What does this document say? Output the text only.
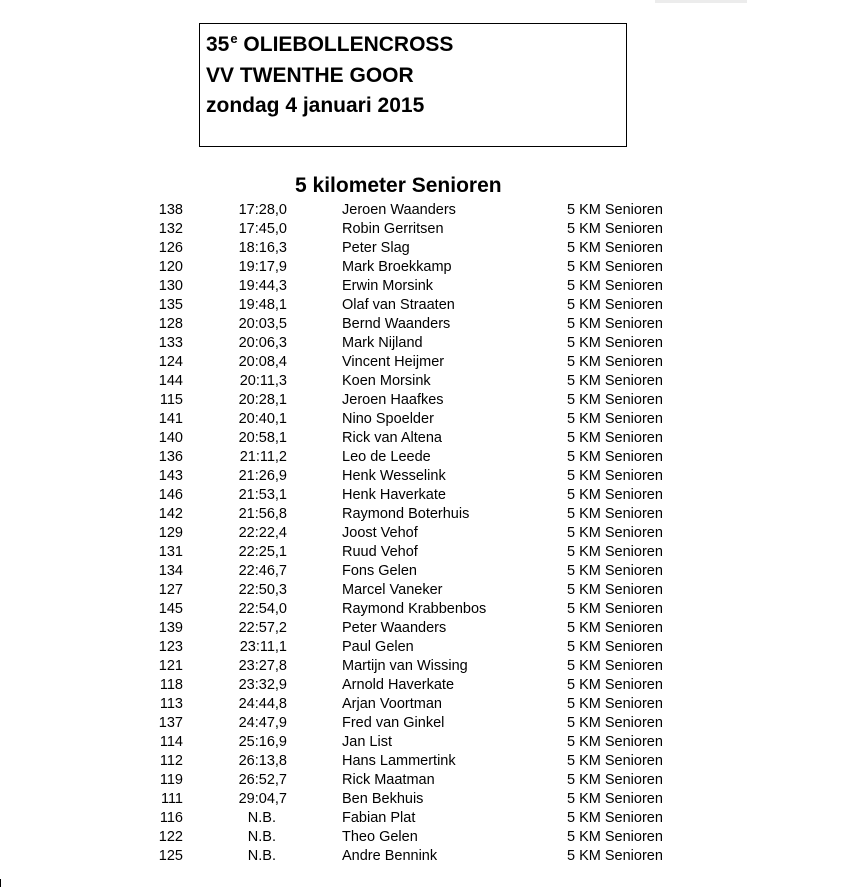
35e OLIEBOLLENCROSS
VV TWENTHE GOOR
zondag 4 januari 2015
5 kilometer Senioren
138	17:28,0	Jeroen Waanders	5 KM Senioren
132	17:45,0	Robin Gerritsen	5 KM Senioren
126	18:16,3	Peter Slag	5 KM Senioren
120	19:17,9	Mark Broekkamp	5 KM Senioren
130	19:44,3	Erwin Morsink	5 KM Senioren
135	19:48,1	Olaf van Straaten	5 KM Senioren
128	20:03,5	Bernd Waanders	5 KM Senioren
133	20:06,3	Mark Nijland	5 KM Senioren
124	20:08,4	Vincent Heijmer	5 KM Senioren
144	20:11,3	Koen Morsink	5 KM Senioren
115	20:28,1	Jeroen Haafkes	5 KM Senioren
141	20:40,1	Nino Spoelder	5 KM Senioren
140	20:58,1	Rick van Altena	5 KM Senioren
136	21:11,2	Leo de Leede	5 KM Senioren
143	21:26,9	Henk Wesselink	5 KM Senioren
146	21:53,1	Henk Haverkate	5 KM Senioren
142	21:56,8	Raymond Boterhuis	5 KM Senioren
129	22:22,4	Joost Vehof	5 KM Senioren
131	22:25,1	Ruud Vehof	5 KM Senioren
134	22:46,7	Fons Gelen	5 KM Senioren
127	22:50,3	Marcel Vaneker	5 KM Senioren
145	22:54,0	Raymond Krabbenbos	5 KM Senioren
139	22:57,2	Peter Waanders	5 KM Senioren
123	23:11,1	Paul Gelen	5 KM Senioren
121	23:27,8	Martijn van Wissing	5 KM Senioren
118	23:32,9	Arnold Haverkate	5 KM Senioren
113	24:44,8	Arjan Voortman	5 KM Senioren
137	24:47,9	Fred van Ginkel	5 KM Senioren
114	25:16,9	Jan List	5 KM Senioren
112	26:13,8	Hans Lammertink	5 KM Senioren
119	26:52,7	Rick Maatman	5 KM Senioren
111	29:04,7	Ben Bekhuis	5 KM Senioren
116	N.B.	Fabian Plat	5 KM Senioren
122	N.B.	Theo Gelen	5 KM Senioren
125	N.B.	Andre Bennink	5 KM Senioren
